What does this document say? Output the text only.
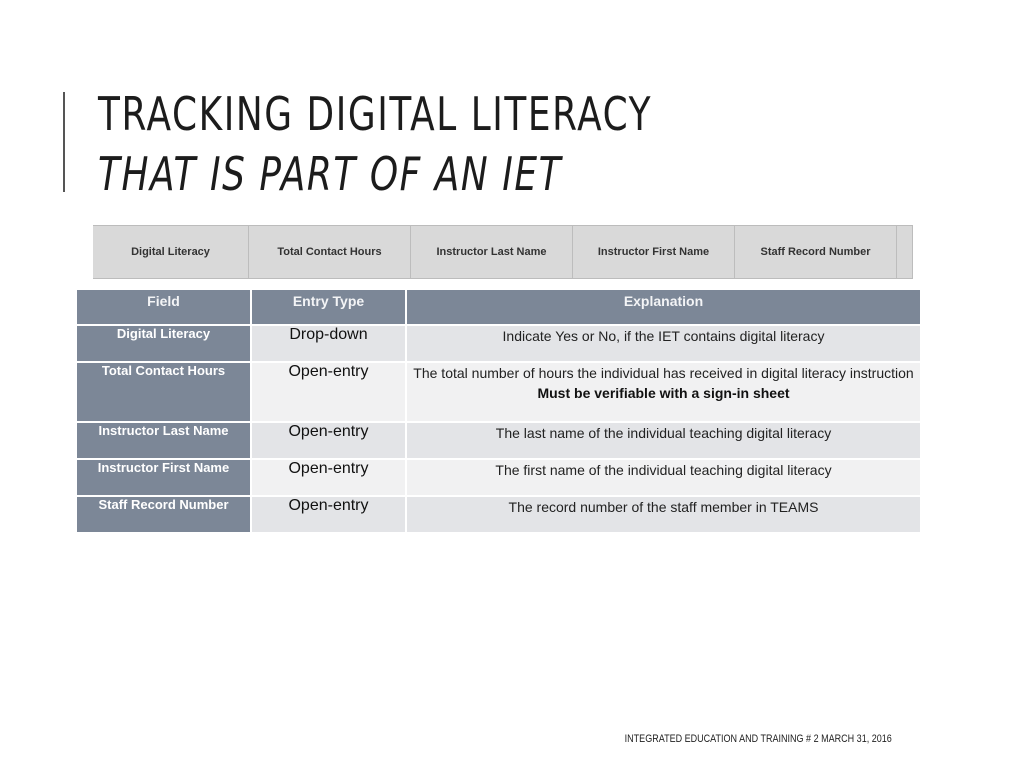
TRACKING DIGITAL LITERACY THAT IS PART OF AN IET
Digital Literacy	Total Contact Hours	Instructor Last Name	Instructor First Name	Staff Record Number
Field	Entry Type	Explanation
Digital Literacy	Drop-down	Indicate Yes or No, if the IET contains digital literacy
Total Contact Hours	Open-entry	The total number of hours the individual has received in digital literacy instruction
Must be verifiable with a sign-in sheet

Instructor Last Name	Open-entry	The last name of the individual teaching digital literacy
Instructor First Name	Open-entry	The first name of the individual teaching digital literacy
Staff Record Number	Open-entry	The record number of the staff member in TEAMS
INTEGRATED EDUCATION AND TRAINING # 2 MARCH 31, 2016
